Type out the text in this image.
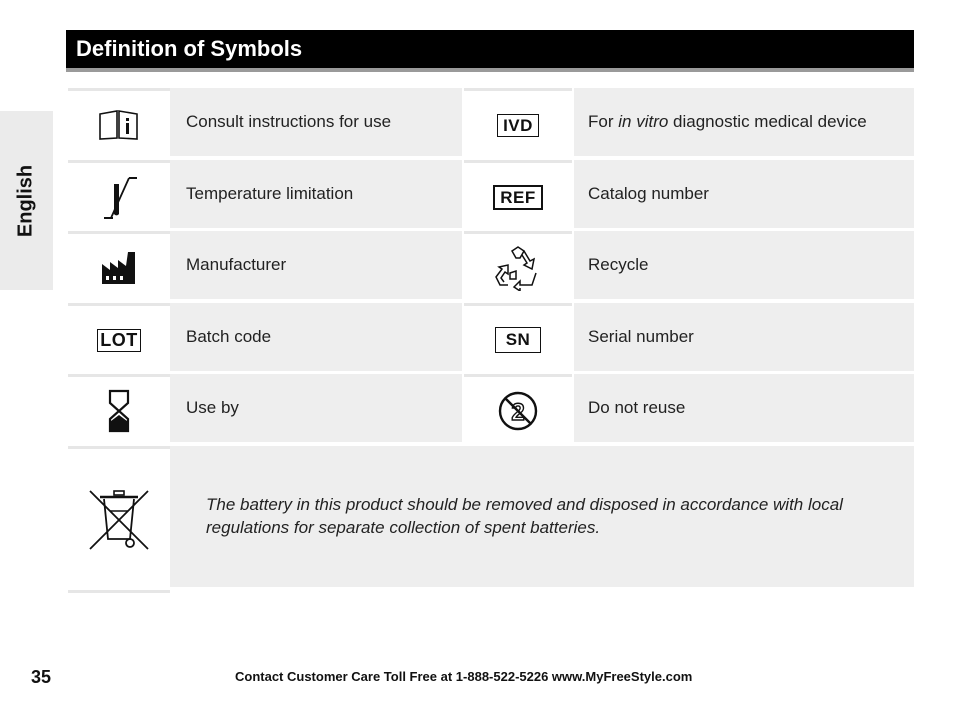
English
Definition of Symbols
Consult instructions for use	IVD	For in vitro diagnostic medical device
Temperature limitation	REF	Catalog number
Manufacturer	Recycle
LOT	Batch code	SN	Serial number
Use by	2	Do not reuse
The battery in this product should be removed and disposed in accordance with local regulations for separate collection of spent batteries.
35	Contact Customer Care Toll Free at 1-888-522-5226 www.MyFreeStyle.com
